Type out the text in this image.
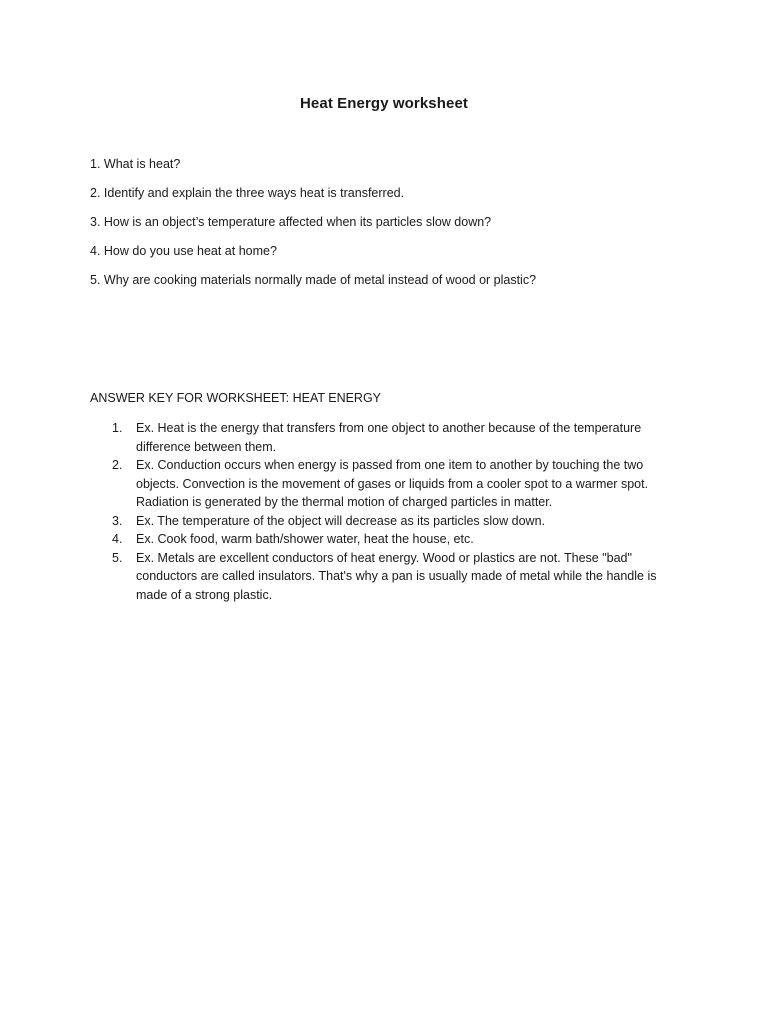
Heat Energy worksheet
1. What is heat?
2. Identify and explain the three ways heat is transferred.
3. How is an object’s temperature affected when its particles slow down?
4. How do you use heat at home?
5. Why are cooking materials normally made of metal instead of wood or plastic?
ANSWER KEY FOR WORKSHEET: HEAT ENERGY
1. Ex. Heat is the energy that transfers from one object to another because of the temperature difference between them.
2. Ex. Conduction occurs when energy is passed from one item to another by touching the two objects. Convection is the movement of gases or liquids from a cooler spot to a warmer spot. Radiation is generated by the thermal motion of charged particles in matter.
3. Ex. The temperature of the object will decrease as its particles slow down.
4. Ex. Cook food, warm bath/shower water, heat the house, etc.
5. Ex. Metals are excellent conductors of heat energy. Wood or plastics are not. These "bad" conductors are called insulators. That's why a pan is usually made of metal while the handle is made of a strong plastic.
